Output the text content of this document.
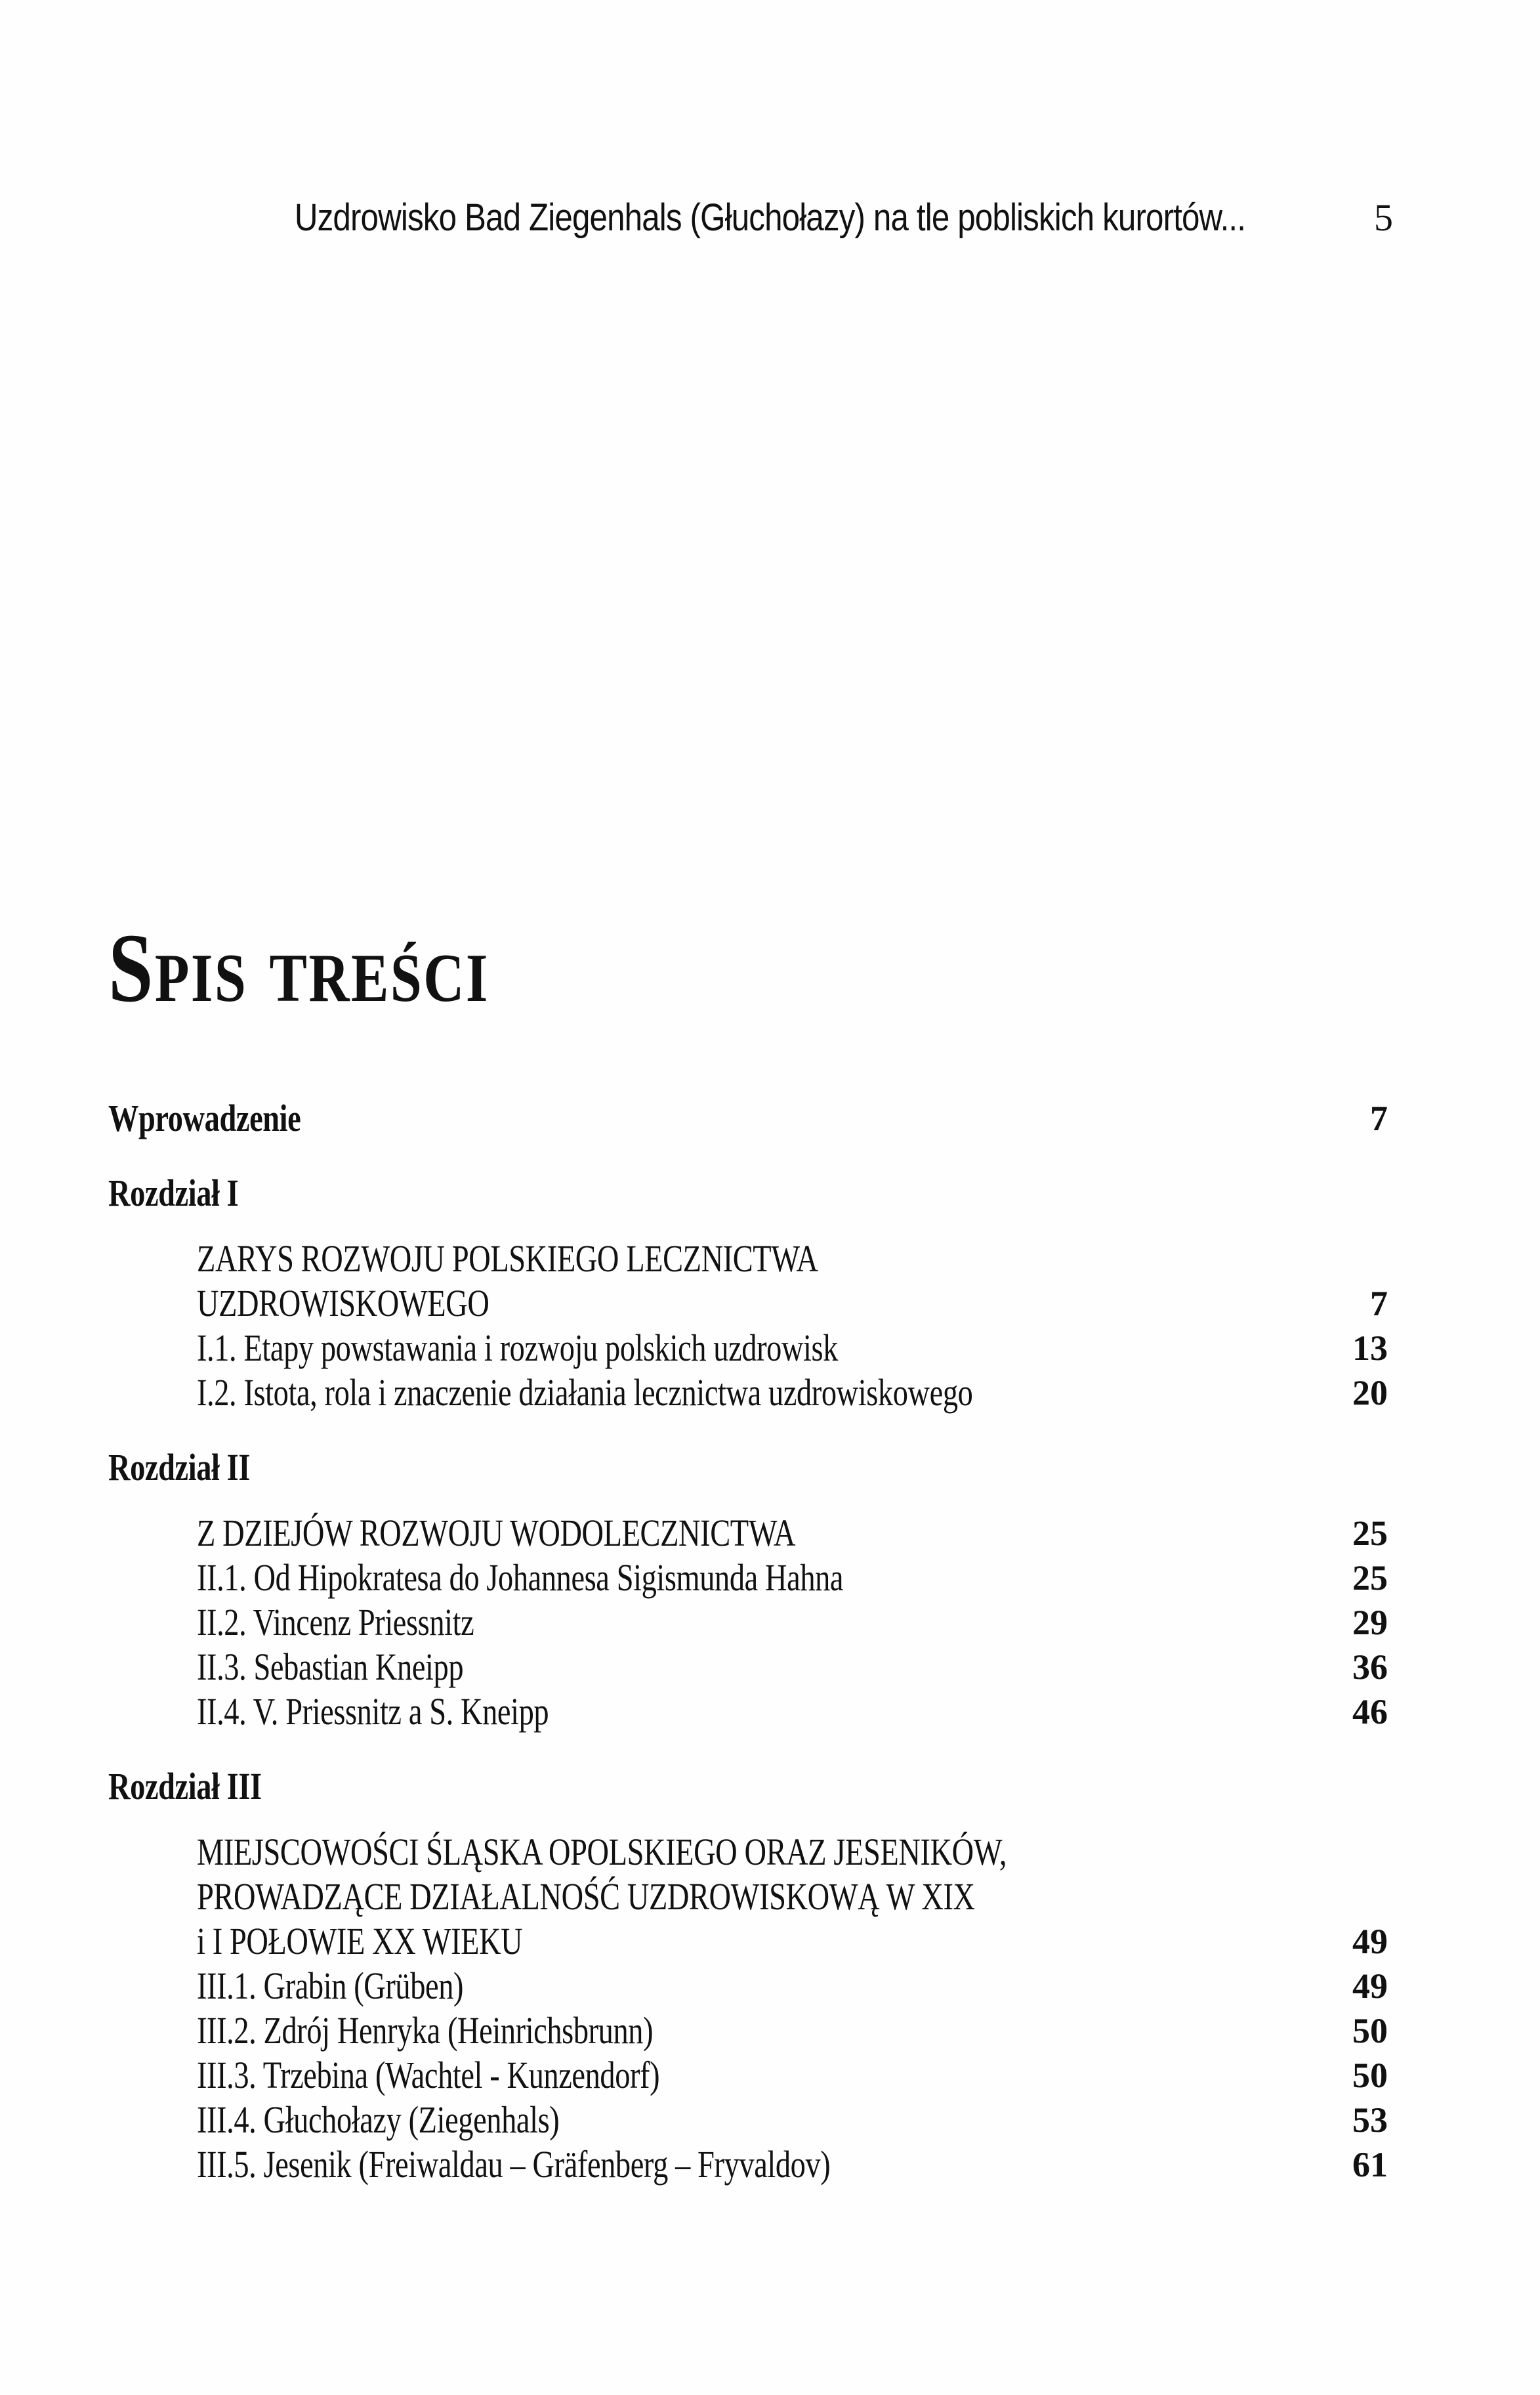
Uzdrowisko Bad Ziegenhals (Głuchołazy) na tle pobliskich kurortów...	5
Spis treści
Wprowadzenie	7
Rozdział I
ZARYS ROZWOJU POLSKIEGO LECZNICTWA
UZDROWISKOWEGO	7
I.1. Etapy powstawania i rozwoju polskich uzdrowisk	13
I.2. Istota, rola i znaczenie działania lecznictwa uzdrowiskowego	20
Rozdział II
Z DZIEJÓW ROZWOJU WODOLECZNICTWA	25
II.1. Od Hipokratesa do Johannesa Sigismunda Hahna	25
II.2. Vincenz Priessnitz	29
II.3. Sebastian Kneipp	36
II.4. V. Priessnitz a S. Kneipp	46
Rozdział III
MIEJSCOWOŚCI ŚLĄSKA OPOLSKIEGO ORAZ JESENIKÓW,
PROWADZĄCE DZIAŁALNOŚĆ UZDROWISKOWĄ W XIX
i I POŁOWIE XX WIEKU	49
III.1. Grabin (Grüben)	49
III.2. Zdrój Henryka (Heinrichsbrunn)	50
III.3. Trzebina (Wachtel - Kunzendorf)	50
III.4. Głuchołazy (Ziegenhals)	53
III.5. Jesenik (Freiwaldau – Gräfenberg – Fryvaldov)	61
